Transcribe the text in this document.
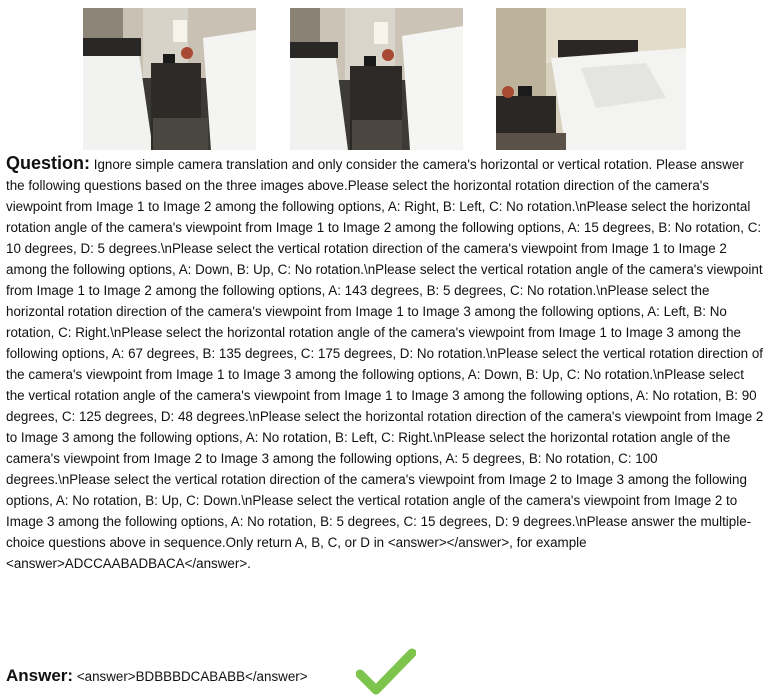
Question: Ignore simple camera translation and only consider the camera's horizontal or vertical rotation. Please answer the following questions based on the three images above.Please select the horizontal rotation direction of the camera's viewpoint from Image 1 to Image 2 among the following options, A: Right, B: Left, C: No rotation.\nPlease select the horizontal rotation angle of the camera's viewpoint from Image 1 to Image 2 among the following options, A: 15 degrees, B: No rotation, C: 10 degrees, D: 5 degrees.\nPlease select the vertical rotation direction of the camera's viewpoint from Image 1 to Image 2 among the following options, A: Down, B: Up, C: No rotation.\nPlease select the vertical rotation angle of the camera's viewpoint from Image 1 to Image 2 among the following options, A: 143 degrees, B: 5 degrees, C: No rotation.\nPlease select the horizontal rotation direction of the camera's viewpoint from Image 1 to Image 3 among the following options, A: Left, B: No rotation, C: Right.\nPlease select the horizontal rotation angle of the camera's viewpoint from Image 1 to Image 3 among the following options, A: 67 degrees, B: 135 degrees, C: 175 degrees, D: No rotation.\nPlease select the vertical rotation direction of the camera's viewpoint from Image 1 to Image 3 among the following options, A: Down, B: Up, C: No rotation.\nPlease select the vertical rotation angle of the camera's viewpoint from Image 1 to Image 3 among the following options, A: No rotation, B: 90 degrees, C: 125 degrees, D: 48 degrees.\nPlease select the horizontal rotation direction of the camera's viewpoint from Image 2 to Image 3 among the following options, A: No rotation, B: Left, C: Right.\nPlease select the horizontal rotation angle of the camera's viewpoint from Image 2 to Image 3 among the following options, A: 5 degrees, B: No rotation, C: 100 degrees.\nPlease select the vertical rotation direction of the camera's viewpoint from Image 2 to Image 3 among the following options, A: No rotation, B: Up, C: Down.\nPlease select the vertical rotation angle of the camera's viewpoint from Image 2 to Image 3 among the following options, A: No rotation, B: 5 degrees, C: 15 degrees, D: 9 degrees.\nPlease answer the multiple-choice questions above in sequence.Only return A, B, C, or D in <answer></answer>, for example <answer>ADCCAABADBACA</answer>.

Answer: <answer>BDBBBDCABABB</answer>
